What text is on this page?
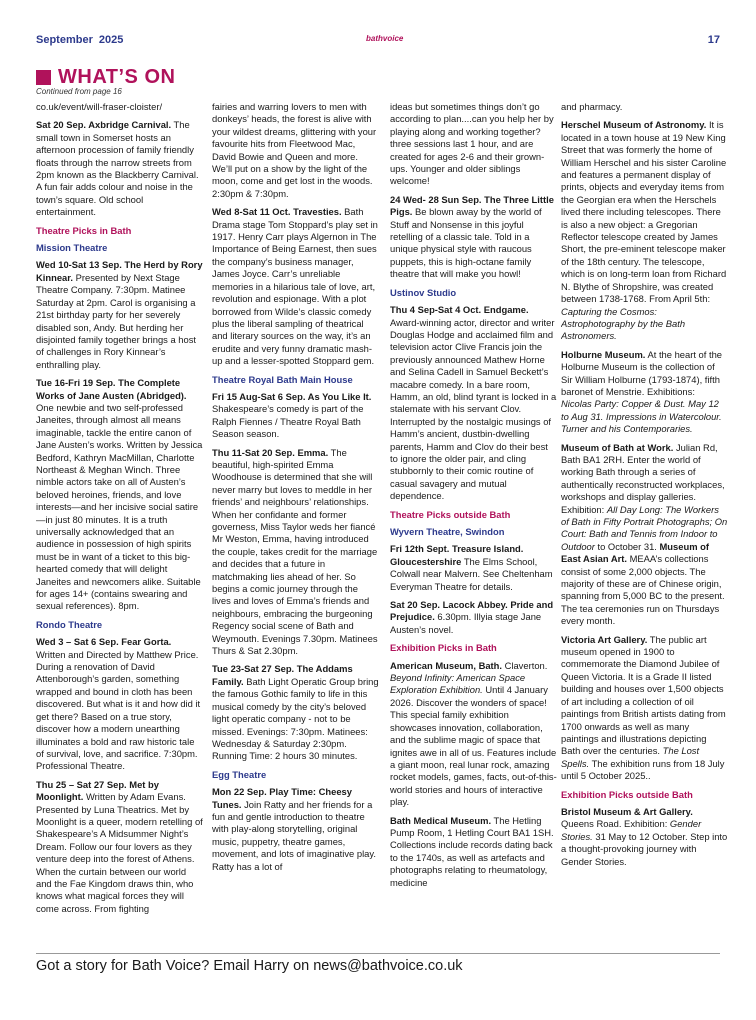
September 2025	bathvoice	17
WHAT’S ON
Continued from page 16

co.uk/event/will-fraser-cloister/

Sat 20 Sep. Axbridge Carnival. The small town in Somerset hosts an afternoon procession of family friendly floats through the narrow streets from 2pm known as the Blackberry Carnival. A fun fair adds colour and noise in the town’s square. Old school entertainment.

Theatre Picks in Bath
Mission Theatre

Wed 10-Sat 13 Sep. The Herd by Rory Kinnear. Presented by Next Stage Theatre Company. 7:30pm. Matinee Saturday at 2pm. Carol is organising a 21st birthday party for her severely disabled son, Andy. But herding her disjointed family together brings a host of challenges in Rory Kinnear’s enthralling play.

Tue 16-Fri 19 Sep. The Complete Works of Jane Austen (Abridged). One newbie and two self-professed Janeites, through almost all means imaginable, tackle the entire canon of Jane Austen’s works. Written by Jessica Bedford, Kathryn MacMillan, Charlotte Northeast & Meghan Winch. Three nimble actors take on all of Austen’s beloved heroines, friends, and love interests—and her incisive social satire—in just 80 minutes. It is a truth universally acknowledged that an audience in possession of high spirits must be in want of a ticket to this big-hearted comedy that will delight Janeites and newcomers alike. Suitable for ages 14+ (contains swearing and sexual references). 8pm.

Rondo Theatre

Wed 3 – Sat 6 Sep. Fear Gorta. Written and Directed by Matthew Price. During a renovation of David Attenborough’s garden, something wrapped and bound in cloth has been discovered. But what is it and how did it get there? Based on a true story, discover how a modern unearthing illuminates a bold and raw historic tale of survival, love, and sacrifice. 7:30pm. Professional Theatre.

Thu 25 – Sat 27 Sep. Met by Moonlight. Written by Adam Evans. Presented by Luna Theatrics. Met by Moonlight is a queer, modern retelling of Shakespeare’s A Midsummer Night’s Dream. Follow our four lovers as they venture deep into the forest of Athens. When the curtain between our world and the Fae Kingdom draws thin, who knows what magical forces they will come across. From fighting

fairies and warring lovers to men with donkeys’ heads, the forest is alive with your wildest dreams, glittering with your favourite hits from Fleetwood Mac, David Bowie and Queen and more. We’ll put on a show by the light of the moon, come and get lost in the woods. 2:30pm & 7:30pm.

Wed 8-Sat 11 Oct. Travesties. Bath Drama stage Tom Stoppard’s play set in 1917. Henry Carr plays Algernon in The Importance of Being Earnest, then sues the company’s business manager, James Joyce. Carr’s unreliable memories in a hilarious tale of love, art, revolution and espionage. With a plot borrowed from Wilde’s classic comedy plus the liberal sampling of theatrical and literary sources on the way, it’s an erudite and very funny dramatic mash-up and a lesser-spotted Stoppard gem.

Theatre Royal Bath Main House

Fri 15 Aug-Sat 6 Sep. As You Like It. Shakespeare’s comedy is part of the Ralph Fiennes / Theatre Royal Bath Season season.

Thu 11-Sat 20 Sep. Emma. The beautiful, high-spirited Emma Woodhouse is determined that she will never marry but loves to meddle in her friends’ and neighbours’ relationships. When her confidante and former governess, Miss Taylor weds her fiancé Mr Weston, Emma, having introduced the couple, takes credit for the marriage and decides that a future in matchmaking lies ahead of her. So begins a comic journey through the lives and loves of Emma’s friends and neighbours, embracing the burgeoning Regency social scene of Bath and Weymouth. Evenings 7.30pm. Matinees Thurs & Sat 2.30pm.

Tue 23-Sat 27 Sep. The Addams Family. Bath Light Operatic Group bring the famous Gothic family to life in this musical comedy by the city’s beloved light operatic company - not to be missed. Evenings: 7:30pm. Matinees: Wednesday & Saturday 2:30pm. Running Time: 2 hours 30 minutes.

Egg Theatre

Mon 22 Sep. Play Time: Cheesy Tunes. Join Ratty and her friends for a fun and gentle introduction to theatre with play-along storytelling, original music, puppetry, theatre games, movement, and lots of imaginative play. Ratty has a lot of

ideas but sometimes things don’t go according to plan....can you help her by playing along and working together? three sessions last 1 hour, and are created for ages 2-6 and their grown-ups. Younger and older siblings welcome!

24 Wed- 28 Sun Sep. The Three Little Pigs. Be blown away by the world of Stuff and Nonsense in this joyful retelling of a classic tale. Told in a unique physical style with raucous puppets, this is high-octane family theatre that will make you howl!

Ustinov Studio

Thu 4 Sep-Sat 4 Oct. Endgame. Award-winning actor, director and writer Douglas Hodge and acclaimed film and television actor Clive Francis join the previously announced Mathew Horne and Selina Cadell in Samuel Beckett’s macabre comedy. In a bare room, Hamm, an old, blind tyrant is locked in a stalemate with his servant Clov. Interrupted by the nostalgic musings of Hamm’s ancient, dustbin-dwelling parents, Hamm and Clov do their best to ignore the older pair, and cling stubbornly to their comic routine of casual savagery and mutual dependence.

Theatre Picks outside Bath
Wyvern Theatre, Swindon

Fri 12th Sept. Treasure Island. Gloucestershire The Elms School, Colwall near Malvern. See Cheltenham Everyman Theatre for details.

Sat 20 Sep. Lacock Abbey. Pride and Prejudice. 6.30pm. Illyia stage Jane Austen’s novel.

Exhibition Picks in Bath

American Museum, Bath. Claverton. Beyond Infinity: American Space Exploration Exhibition. Until 4 January 2026. Discover the wonders of space! This special family exhibition showcases innovation, collaboration, and the sublime magic of space that ignites awe in all of us. Features include a giant moon, real lunar rock, amazing rocket models, games, facts, out-of-this-world stories and hours of interactive play.

Bath Medical Museum. The Hetling Pump Room, 1 Hetling Court BA1 1SH. Collections include records dating back to the 1740s, as well as artefacts and photographs relating to rheumatology, medicine

and pharmacy.

Herschel Museum of Astronomy. It is located in a town house at 19 New King Street that was formerly the home of William Herschel and his sister Caroline and features a permanent display of prints, objects and everyday items from the Georgian era when the Herschels lived there including telescopes. There is also a new object: a Gregorian Reflector telescope created by James Short, the pre-eminent telescope maker of the 18th century. The telescope, which is on long-term loan from Richard N. Blythe of Shropshire, was created between 1738-1768. From April 5th: Capturing the Cosmos: Astrophotography by the Bath Astronomers.

Holburne Museum. At the heart of the Holburne Museum is the collection of Sir William Holburne (1793-1874), fifth baronet of Menstrie. Exhibitions: Nicolas Party: Copper & Dust. May 12 to Aug 31. Impressions in Watercolour. Turner and his Contemporaries.

Museum of Bath at Work. Julian Rd, Bath BA1 2RH. Enter the world of working Bath through a series of authentically reconstructed workplaces, workshops and display galleries. Exhibition: All Day Long: The Workers of Bath in Fifty Portrait Photographs; On Court: Bath and Tennis from Indoor to Outdoor to October 31. Museum of East Asian Art. MEAA’s collections consist of some 2,000 objects. The majority of these are of Chinese origin, spanning from 5,000 BC to the present. The tea ceremonies run on Thursdays every month.

Victoria Art Gallery. The public art museum opened in 1900 to commemorate the Diamond Jubilee of Queen Victoria. It is a Grade II listed building and houses over 1,500 objects of art including a collection of oil paintings from British artists dating from 1700 onwards as well as many paintings and illustrations depicting Bath over the centuries. The Lost Spells. The exhibition runs from 18 July until 5 October 2025..

Exhibition Picks outside Bath

Bristol Museum & Art Gallery. Queens Road. Exhibition: Gender Stories. 31 May to 12 October. Step into a thought-provoking journey with Gender Stories.

Got a story for Bath Voice? Email Harry on news@bathvoice.co.uk
